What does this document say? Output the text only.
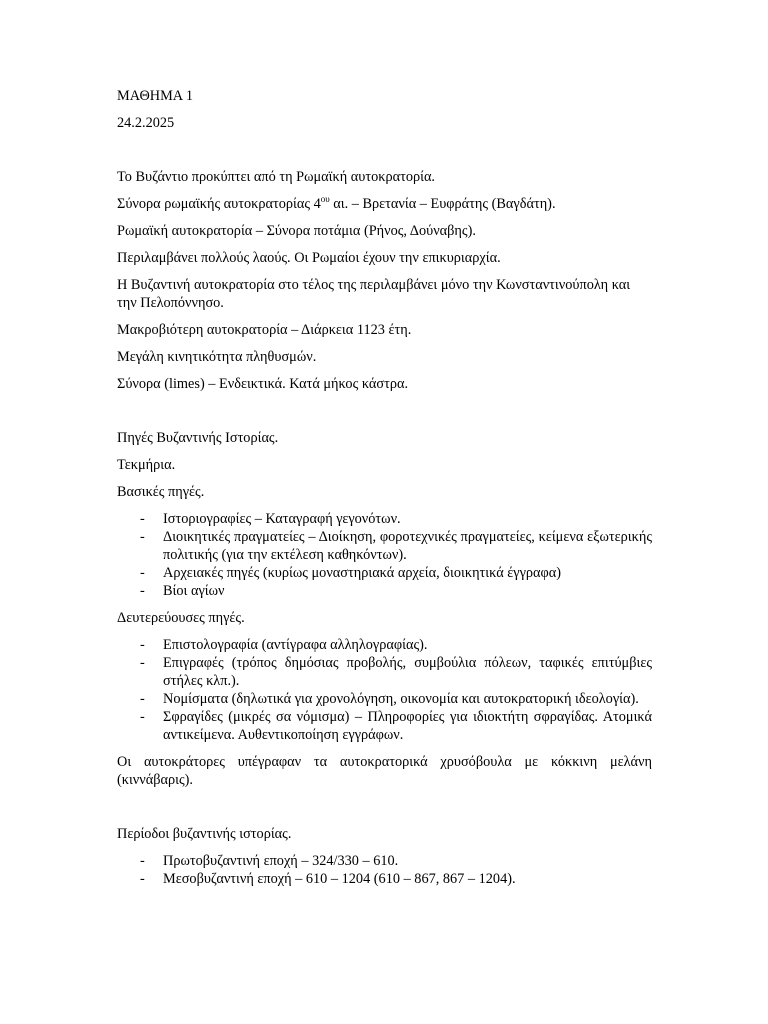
ΜΑΘΗΜΑ 1

24.2.2025

Το Βυζάντιο προκύπτει από τη Ρωμαϊκή αυτοκρατορία.

Σύνορα ρωμαϊκής αυτοκρατορίας $4^{o\upsilon}$ αι. – Βρετανία – Ευφράτης (Βαγδάτη).

Ρωμαϊκή αυτοκρατορία – Σύνορα ποτάμια (Ρήνος, Δούναβης).

Περιλαμβάνει πολλούς λαούς. Οι Ρωμαίοι έχουν την επικυριαρχία.

Η Βυζαντινή αυτοκρατορία στο τέλος της περιλαμβάνει μόνο την Κωνσταντινούπολη και την Πελοπόννησο.

Μακροβιότερη αυτοκρατορία – Διάρκεια 1123 έτη.

Μεγάλη κινητικότητα πληθυσμών.

Σύνορα (limes) – Ενδεικτικά. Κατά μήκος κάστρα.

Πηγές Βυζαντινής Ιστορίας.

Τεκμήρια.

Βασικές πηγές.

- Ιστοριογραφίες – Καταγραφή γεγονότων.
- Διοικητικές πραγματείες – Διοίκηση, φοροτεχνικές πραγματείες, κείμενα εξωτερικής πολιτικής (για την εκτέλεση καθηκόντων).
- Αρχειακές πηγές (κυρίως μοναστηριακά αρχεία, διοικητικά έγγραφα)
- Βίοι αγίων

Δευτερεύουσες πηγές.

- Επιστολογραφία (αντίγραφα αλληλογραφίας).
- Επιγραφές (τρόπος δημόσιας προβολής, συμβούλια πόλεων, ταφικές επιτύμβιες στήλες κλπ.).
- Νομίσματα (δηλωτικά για χρονολόγηση, οικονομία και αυτοκρατορική ιδεολογία).
- Σφραγίδες (μικρές σα νόμισμα) – Πληροφορίες για ιδιοκτήτη σφραγίδας. Ατομικά αντικείμενα. Αυθεντικοποίηση εγγράφων.

Οι αυτοκράτορες υπέγραφαν τα αυτοκρατορικά χρυσόβουλα με κόκκινη μελάνη (κιννάβαρις).

Περίοδοι βυζαντινής ιστορίας.

- Πρωτοβυζαντινή εποχή – 324/330 – 610.
- Μεσοβυζαντινή εποχή – 610 – 1204 (610 – 867, 867 – 1204).
